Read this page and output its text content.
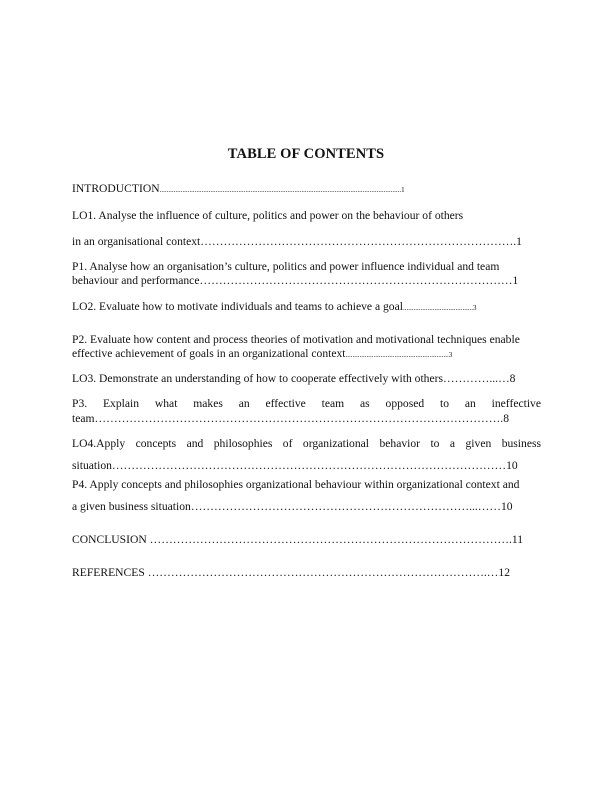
TABLE OF CONTENTS
INTRODUCTION..........................................................................................................................................1
LO1. Analyse the influence of culture, politics and power on the behaviour of others
in an organisational context……………………………………………………………………….1
P1. Analyse how an organisation’s culture, politics and power influence individual and team
behaviour and performance………………………………………………………………………1
LO2. Evaluate how to motivate individuals and teams to achieve a goal........................................3
P2. Evaluate how content and process theories of motivation and motivational techniques enable
effective achievement of goals in an organizational context...........................................................3
LO3. Demonstrate an understanding of how to cooperate effectively with others…………...…8
P3. Explain what makes an effective team as opposed to an ineffective
team…………………………………………………………………………………………….8
LO4.Apply concepts and philosophies of organizational behavior to a given business
situation…………………………………………………………………………………………10
P4. Apply concepts and philosophies organizational behaviour within organizational context and
a given business situation………………………………………………………………...……10
CONCLUSION ………………………………………………………………………………….11
REFERENCES …………………………………………………………………………….…12
